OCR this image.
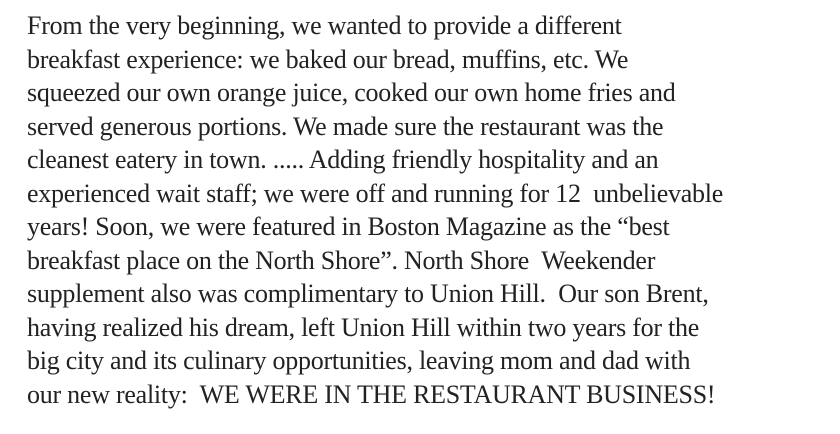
From the very beginning, we wanted to provide a different
breakfast experience: we baked our bread, muffins, etc. We
squeezed our own orange juice, cooked our own home fries and
served generous portions. We made sure the restaurant was the
cleanest eatery in town. ..... Adding friendly hospitality and an
experienced wait staff; we were off and running for 12  unbelievable
years! Soon, we were featured in Boston Magazine as the “best
breakfast place on the North Shore”. North Shore  Weekender
supplement also was complimentary to Union Hill.  Our son Brent,
having realized his dream, left Union Hill within two years for the
big city and its culinary opportunities, leaving mom and dad with
our new reality:  WE WERE IN THE RESTAURANT BUSINESS!
